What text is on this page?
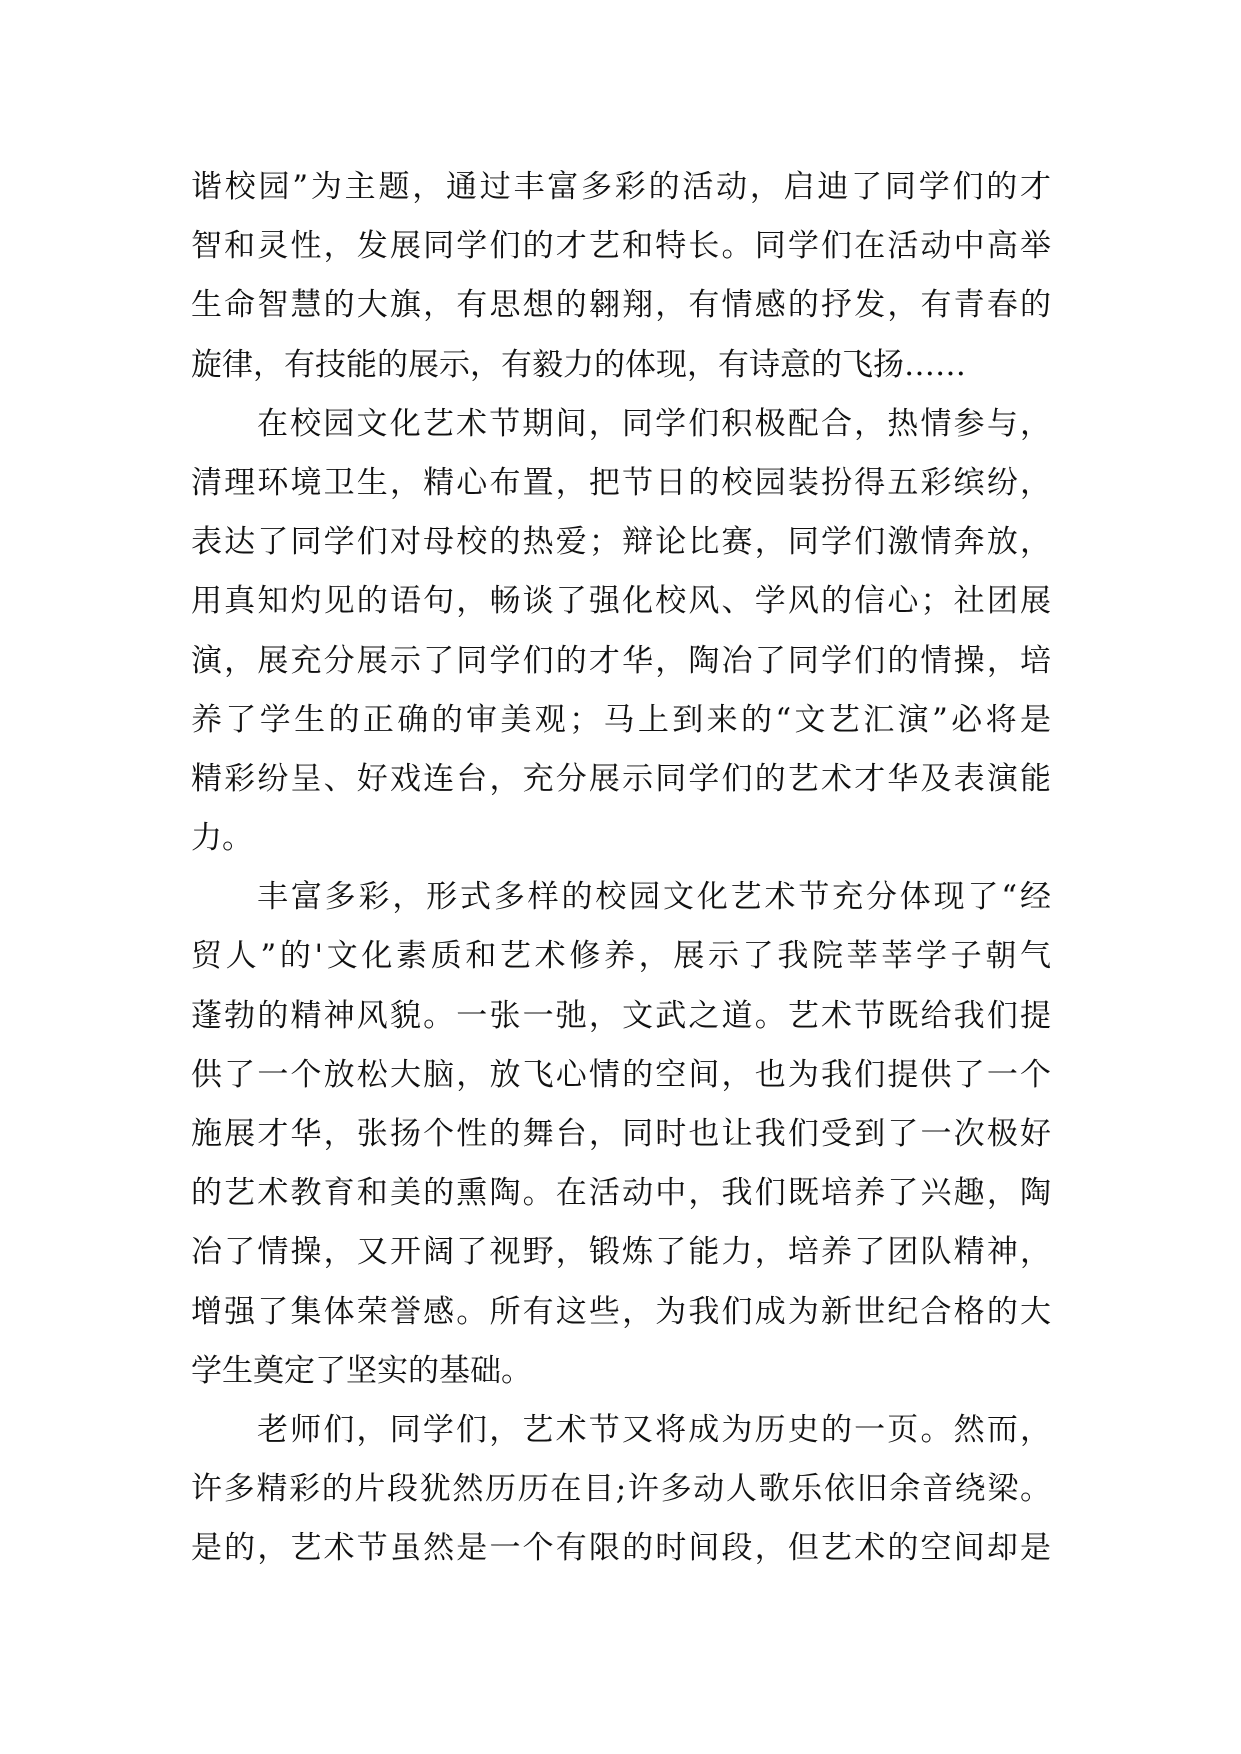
谐校园”为主题，通过丰富多彩的活动，启迪了同学们的才
智和灵性，发展同学们的才艺和特长。同学们在活动中高举
生命智慧的大旗，有思想的翱翔，有情感的抒发，有青春的
旋律，有技能的展示，有毅力的体现，有诗意的飞扬……
在校园文化艺术节期间，同学们积极配合，热情参与，
清理环境卫生，精心布置，把节日的校园装扮得五彩缤纷，
表达了同学们对母校的热爱；辩论比赛，同学们激情奔放，
用真知灼见的语句，畅谈了强化校风、学风的信心；社团展
演，展充分展示了同学们的才华，陶冶了同学们的情操，培
养了学生的正确的审美观；马上到来的“文艺汇演”必将是
精彩纷呈、好戏连台，充分展示同学们的艺术才华及表演能
力。
丰富多彩，形式多样的校园文化艺术节充分体现了“经
贸人”的'文化素质和艺术修养，展示了我院莘莘学子朝气
蓬勃的精神风貌。一张一弛，文武之道。艺术节既给我们提
供了一个放松大脑，放飞心情的空间，也为我们提供了一个
施展才华，张扬个性的舞台，同时也让我们受到了一次极好
的艺术教育和美的熏陶。在活动中，我们既培养了兴趣，陶
冶了情操，又开阔了视野，锻炼了能力，培养了团队精神，
增强了集体荣誉感。所有这些，为我们成为新世纪合格的大
学生奠定了坚实的基础。
老师们，同学们，艺术节又将成为历史的一页。然而，
许多精彩的片段犹然历历在目;许多动人歌乐依旧余音绕梁。
是的，艺术节虽然是一个有限的时间段，但艺术的空间却是
